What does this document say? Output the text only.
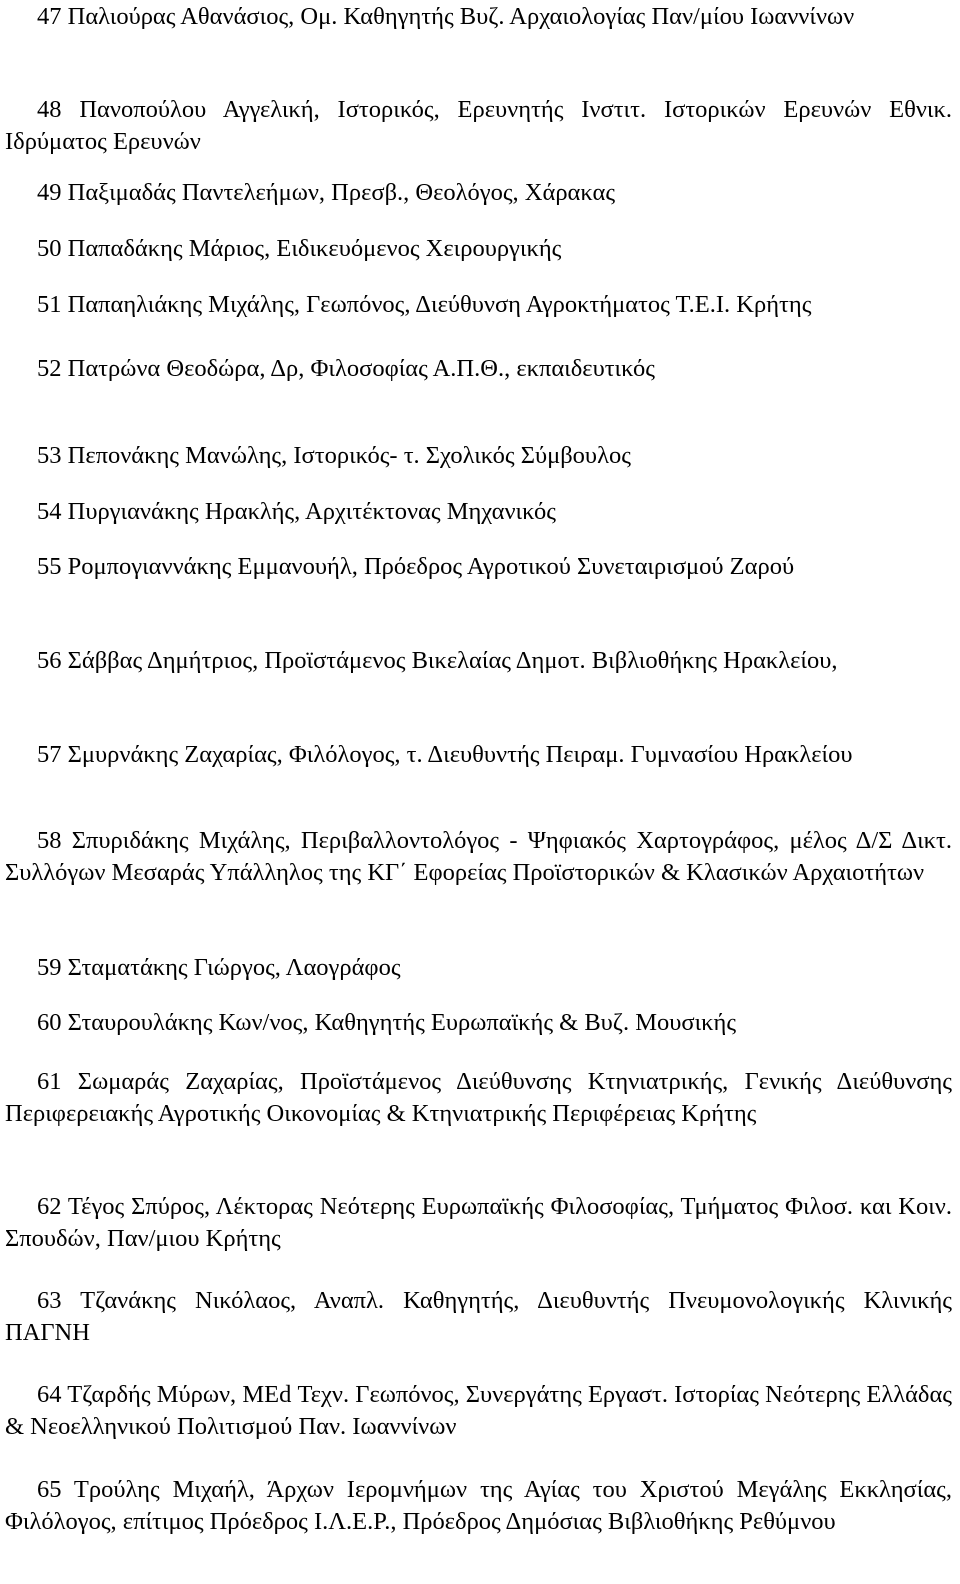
47 Παλιούρας Αθανάσιος, Ομ. Καθηγητής Βυζ. Αρχαιολογίας Παν/μίου Ιωαννίνων

48 Πανοπούλου Αγγελική, Ιστορικός, Ερευνητής Ινστιτ. Ιστορικών Ερευνών Εθνικ. Ιδρύματος Ερευνών

49 Παξιμαδάς Παντελεήμων, Πρεσβ., Θεολόγος, Χάρακας

50 Παπαδάκης Μάριος, Ειδικευόμενος Χειρουργικής

51 Παπαηλιάκης Μιχάλης, Γεωπόνος, Διεύθυνση Αγροκτήματος Τ.Ε.Ι. Κρήτης

52 Πατρώνα Θεοδώρα, Δρ, Φιλοσοφίας Α.Π.Θ., εκπαιδευτικός

53 Πεπονάκης Μανώλης, Ιστορικός- τ. Σχολικός Σύμβουλος

54 Πυργιανάκης Ηρακλής, Αρχιτέκτονας Μηχανικός

55 Ρομπογιαννάκης Εμμανουήλ, Πρόεδρος Αγροτικού Συνεταιρισμού Ζαρού

56 Σάββας Δημήτριος, Προϊστάμενος Βικελαίας Δημοτ. Βιβλιοθήκης Ηρακλείου,

57 Σμυρνάκης Ζαχαρίας, Φιλόλογος, τ. Διευθυντής Πειραμ. Γυμνασίου Ηρακλείου

58 Σπυριδάκης Μιχάλης, Περιβαλλοντολόγος - Ψηφιακός Χαρτογράφος, μέλος Δ/Σ Δικτ. Συλλόγων Μεσαράς Υπάλληλος της ΚΓ΄ Εφορείας Προϊστορικών & Κλασικών Αρχαιοτήτων

59 Σταματάκης Γιώργος, Λαογράφος

60 Σταυρουλάκης Κων/νος, Καθηγητής Ευρωπαϊκής & Βυζ. Μουσικής

61 Σωμαράς Ζαχαρίας, Προϊστάμενος Διεύθυνσης Κτηνιατρικής, Γενικής Διεύθυνσης Περιφερειακής Αγροτικής Οικονομίας & Κτηνιατρικής Περιφέρειας Κρήτης

62 Τέγος Σπύρος, Λέκτορας Νεότερης Ευρωπαϊκής Φιλοσοφίας, Τμήματος Φιλοσ. και Κοιν. Σπουδών, Παν/μιου Κρήτης

63 Τζανάκης Νικόλαος, Αναπλ. Καθηγητής, Διευθυντής Πνευμονολογικής Κλινικής ΠΑΓΝΗ

64 Τζαρδής Μύρων, MEd Τεχν. Γεωπόνος, Συνεργάτης Εργαστ. Ιστορίας Νεότερης Ελλάδας & Νεοελληνικού Πολιτισμού Παν. Ιωαννίνων

65 Τρούλης Μιχαήλ, Άρχων Ιερομνήμων της Αγίας του Χριστού Μεγάλης Εκκλησίας, Φιλόλογος, επίτιμος Πρόεδρος Ι.Λ.Ε.Ρ., Πρόεδρος Δημόσιας Βιβλιοθήκης Ρεθύμνου
